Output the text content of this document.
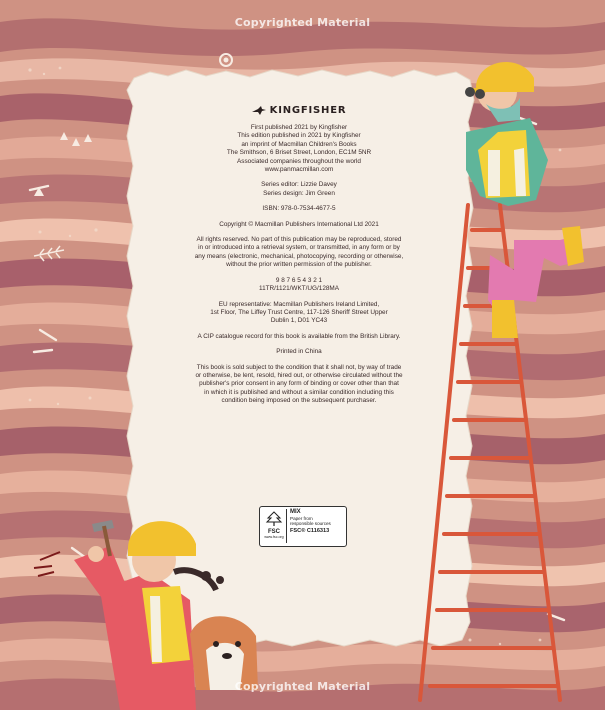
Copyrighted Material
KINGFISHER

First published 2021 by Kingfisher
This edition published in 2021 by Kingfisher
an imprint of Macmillan Children's Books
The Smithson, 6 Briset Street, London, EC1M 5NR
Associated companies throughout the world
www.panmacmillan.com

Series editor: Lizzie Davey
Series design: Jim Green

ISBN: 978-0-7534-4677-5

Copyright © Macmillan Publishers International Ltd 2021

All rights reserved. No part of this publication may be reproduced, stored
in or introduced into a retrieval system, or transmitted, in any form or by
any means (electronic, mechanical, photocopying, recording or otherwise,
without the prior written permission of the publisher.

9 8 7 6 5 4 3 2 1
11TR/1121/WKT/UG/128MA

EU representative: Macmillan Publishers Ireland Limited,
1st Floor, The Liffey Trust Centre, 117-126 Sheriff Street Upper
Dublin 1, D01 YC43

A CIP catalogue record for this book is available from the British Library.

Printed in China

This book is sold subject to the condition that it shall not, by way of trade
or otherwise, be lent, resold, hired out, or otherwise circulated without the
publisher's prior consent in any form of binding or cover other than that
in which it is published and without a similar condition including this
condition being imposed on the subsequent purchaser.

FSC
www.fsc.org
MIX
Paper from
responsible sources
FSC® C116313
Copyrighted Material
